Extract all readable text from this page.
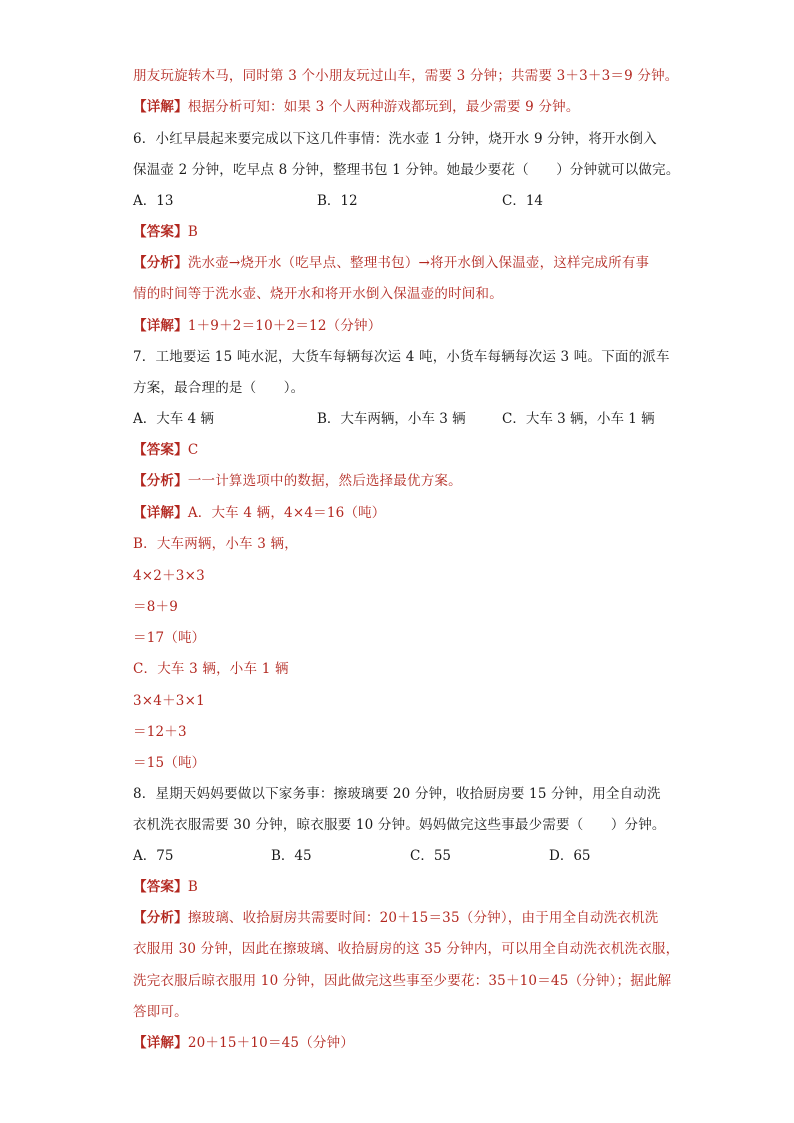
朋友玩旋转木马，同时第 3 个小朋友玩过山车，需要 3 分钟；共需要 3＋3＋3＝9 分钟。
【详解】根据分析可知：如果 3 个人两种游戏都玩到，最少需要 9 分钟。
6．小红早晨起来要完成以下这几件事情：洗水壶 1 分钟，烧开水 9 分钟，将开水倒入
保温壶 2 分钟，吃早点 8 分钟，整理书包 1 分钟。她最少要花（　　）分钟就可以做完。
【答案】B
【分析】洗水壶→烧开水（吃早点、整理书包）→将开水倒入保温壶，这样完成所有事
情的时间等于洗水壶、烧开水和将开水倒入保温壶的时间和。
【详解】1＋9＋2＝10＋2＝12（分钟）
7．工地要运 15 吨水泥，大货车每辆每次运 4 吨，小货车每辆每次运 3 吨。下面的派车
方案，最合理的是（　　）。
【答案】C
【分析】一一计算选项中的数据，然后选择最优方案。
【详解】A．大车 4 辆，4×4＝16（吨）
B．大车两辆，小车 3 辆，
4×2＋3×3
＝8＋9
＝17（吨）
C．大车 3 辆，小车 1 辆
3×4＋3×1
＝12＋3
＝15（吨）
8．星期天妈妈要做以下家务事：擦玻璃要 20 分钟，收拾厨房要 15 分钟，用全自动洗
衣机洗衣服需要 30 分钟，晾衣服要 10 分钟。妈妈做完这些事最少需要（　　）分钟。
【答案】B
【分析】擦玻璃、收拾厨房共需要时间：20＋15＝35（分钟），由于用全自动洗衣机洗
衣服用 30 分钟，因此在擦玻璃、收拾厨房的这 35 分钟内，可以用全自动洗衣机洗衣服，
洗完衣服后晾衣服用 10 分钟，因此做完这些事至少要花：35＋10＝45（分钟）；据此解
答即可。
【详解】20＋15＋10＝45（分钟）
A．13	B．12	C．14
A．大车 4 辆	B．大车两辆，小车 3 辆	C．大车 3 辆，小车 1 辆
A．75	B．45	C．55	D．65
